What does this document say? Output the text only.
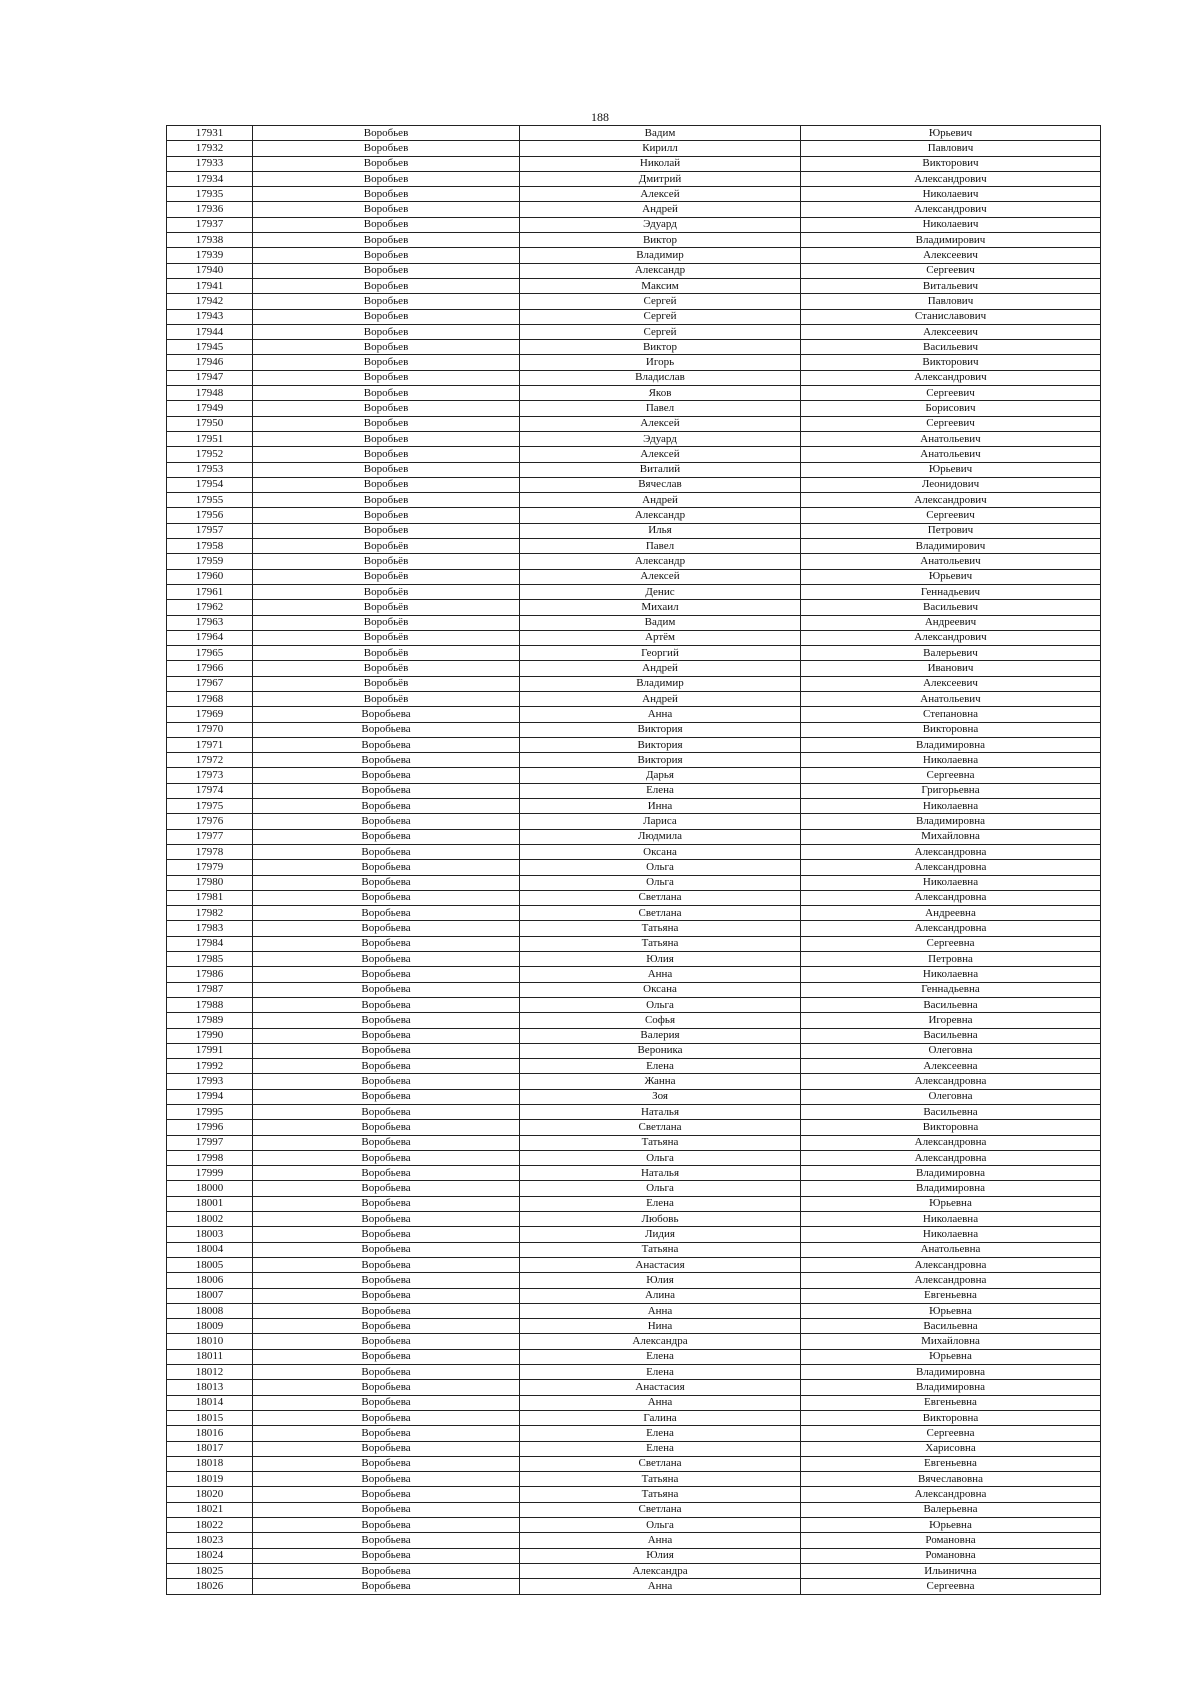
188
17931	Воробьев	Вадим	Юрьевич
17932	Воробьев	Кирилл	Павлович
17933	Воробьев	Николай	Викторович
17934	Воробьев	Дмитрий	Александрович
17935	Воробьев	Алексей	Николаевич
17936	Воробьев	Андрей	Александрович
17937	Воробьев	Эдуард	Николаевич
17938	Воробьев	Виктор	Владимирович
17939	Воробьев	Владимир	Алексеевич
17940	Воробьев	Александр	Сергеевич
17941	Воробьев	Максим	Витальевич
17942	Воробьев	Сергей	Павлович
17943	Воробьев	Сергей	Станиславович
17944	Воробьев	Сергей	Алексеевич
17945	Воробьев	Виктор	Васильевич
17946	Воробьев	Игорь	Викторович
17947	Воробьев	Владислав	Александрович
17948	Воробьев	Яков	Сергеевич
17949	Воробьев	Павел	Борисович
17950	Воробьев	Алексей	Сергеевич
17951	Воробьев	Эдуард	Анатольевич
17952	Воробьев	Алексей	Анатольевич
17953	Воробьев	Виталий	Юрьевич
17954	Воробьев	Вячеслав	Леонидович
17955	Воробьев	Андрей	Александрович
17956	Воробьев	Александр	Сергеевич
17957	Воробьев	Илья	Петрович
17958	Воробьёв	Павел	Владимирович
17959	Воробьёв	Александр	Анатольевич
17960	Воробьёв	Алексей	Юрьевич
17961	Воробьёв	Денис	Геннадьевич
17962	Воробьёв	Михаил	Васильевич
17963	Воробьёв	Вадим	Андреевич
17964	Воробьёв	Артём	Александрович
17965	Воробьёв	Георгий	Валерьевич
17966	Воробьёв	Андрей	Иванович
17967	Воробьёв	Владимир	Алексеевич
17968	Воробьёв	Андрей	Анатольевич
17969	Воробьева	Анна	Степановна
17970	Воробьева	Виктория	Викторовна
17971	Воробьева	Виктория	Владимировна
17972	Воробьева	Виктория	Николаевна
17973	Воробьева	Дарья	Сергеевна
17974	Воробьева	Елена	Григорьевна
17975	Воробьева	Инна	Николаевна
17976	Воробьева	Лариса	Владимировна
17977	Воробьева	Людмила	Михайловна
17978	Воробьева	Оксана	Александровна
17979	Воробьева	Ольга	Александровна
17980	Воробьева	Ольга	Николаевна
17981	Воробьева	Светлана	Александровна
17982	Воробьева	Светлана	Андреевна
17983	Воробьева	Татьяна	Александровна
17984	Воробьева	Татьяна	Сергеевна
17985	Воробьева	Юлия	Петровна
17986	Воробьева	Анна	Николаевна
17987	Воробьева	Оксана	Геннадьевна
17988	Воробьева	Ольга	Васильевна
17989	Воробьева	Софья	Игоревна
17990	Воробьева	Валерия	Васильевна
17991	Воробьева	Вероника	Олеговна
17992	Воробьева	Елена	Алексеевна
17993	Воробьева	Жанна	Александровна
17994	Воробьева	Зоя	Олеговна
17995	Воробьева	Наталья	Васильевна
17996	Воробьева	Светлана	Викторовна
17997	Воробьева	Татьяна	Александровна
17998	Воробьева	Ольга	Александровна
17999	Воробьева	Наталья	Владимировна
18000	Воробьева	Ольга	Владимировна
18001	Воробьева	Елена	Юрьевна
18002	Воробьева	Любовь	Николаевна
18003	Воробьева	Лидия	Николаевна
18004	Воробьева	Татьяна	Анатольевна
18005	Воробьева	Анастасия	Александровна
18006	Воробьева	Юлия	Александровна
18007	Воробьева	Алина	Евгеньевна
18008	Воробьева	Анна	Юрьевна
18009	Воробьева	Нина	Васильевна
18010	Воробьева	Александра	Михайловна
18011	Воробьева	Елена	Юрьевна
18012	Воробьева	Елена	Владимировна
18013	Воробьева	Анастасия	Владимировна
18014	Воробьева	Анна	Евгеньевна
18015	Воробьева	Галина	Викторовна
18016	Воробьева	Елена	Сергеевна
18017	Воробьева	Елена	Харисовна
18018	Воробьева	Светлана	Евгеньевна
18019	Воробьева	Татьяна	Вячеславовна
18020	Воробьева	Татьяна	Александровна
18021	Воробьева	Светлана	Валерьевна
18022	Воробьева	Ольга	Юрьевна
18023	Воробьева	Анна	Романовна
18024	Воробьева	Юлия	Романовна
18025	Воробьева	Александра	Ильинична
18026	Воробьева	Анна	Сергеевна
